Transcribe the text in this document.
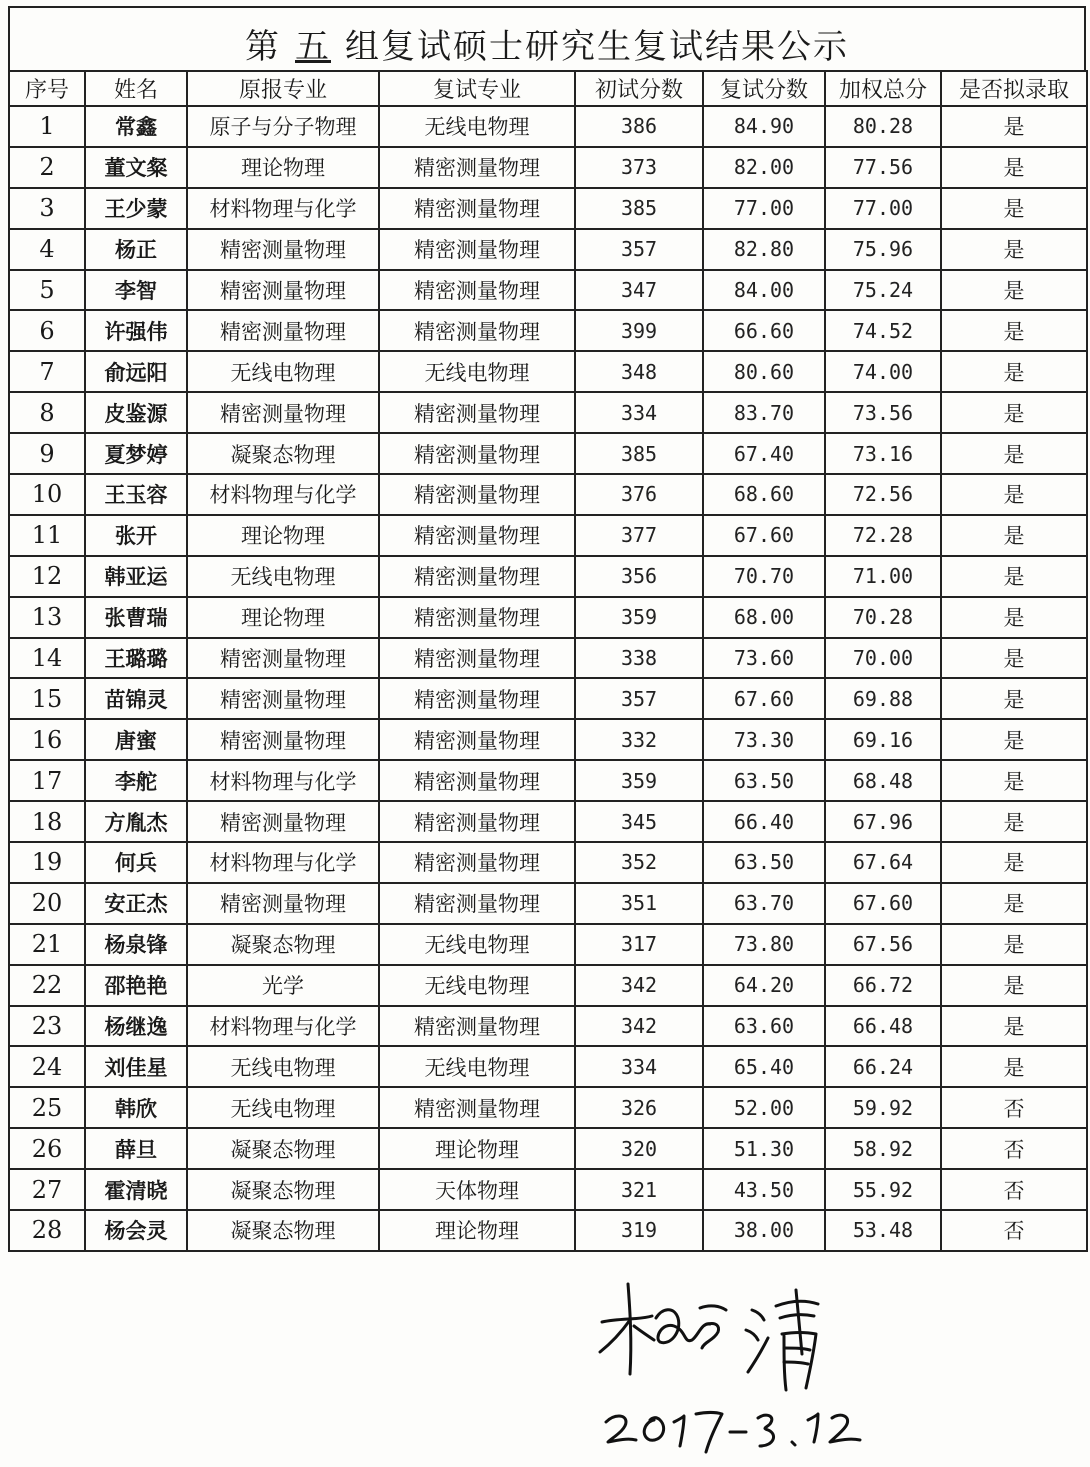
第 五 组复试硕士研究生复试结果公示
序号	姓名	原报专业	复试专业	初试分数	复试分数	加权总分	是否拟录取
1	常鑫	原子与分子物理	无线电物理	386	84.90	80.28	是
2	董文粲	理论物理	精密测量物理	373	82.00	77.56	是
3	王少蒙	材料物理与化学	精密测量物理	385	77.00	77.00	是
4	杨正	精密测量物理	精密测量物理	357	82.80	75.96	是
5	李智	精密测量物理	精密测量物理	347	84.00	75.24	是
6	许强伟	精密测量物理	精密测量物理	399	66.60	74.52	是
7	俞远阳	无线电物理	无线电物理	348	80.60	74.00	是
8	皮鉴源	精密测量物理	精密测量物理	334	83.70	73.56	是
9	夏梦婷	凝聚态物理	精密测量物理	385	67.40	73.16	是
10	王玉容	材料物理与化学	精密测量物理	376	68.60	72.56	是
11	张开	理论物理	精密测量物理	377	67.60	72.28	是
12	韩亚运	无线电物理	精密测量物理	356	70.70	71.00	是
13	张曹瑞	理论物理	精密测量物理	359	68.00	70.28	是
14	王璐璐	精密测量物理	精密测量物理	338	73.60	70.00	是
15	苗锦灵	精密测量物理	精密测量物理	357	67.60	69.88	是
16	唐蜜	精密测量物理	精密测量物理	332	73.30	69.16	是
17	李舵	材料物理与化学	精密测量物理	359	63.50	68.48	是
18	方胤杰	精密测量物理	精密测量物理	345	66.40	67.96	是
19	何兵	材料物理与化学	精密测量物理	352	63.50	67.64	是
20	安正杰	精密测量物理	精密测量物理	351	63.70	67.60	是
21	杨泉锋	凝聚态物理	无线电物理	317	73.80	67.56	是
22	邵艳艳	光学	无线电物理	342	64.20	66.72	是
23	杨继逸	材料物理与化学	精密测量物理	342	63.60	66.48	是
24	刘佳星	无线电物理	无线电物理	334	65.40	66.24	是
25	韩欣	无线电物理	精密测量物理	326	52.00	59.92	否
26	薛旦	凝聚态物理	理论物理	320	51.30	58.92	否
27	霍清晓	凝聚态物理	天体物理	321	43.50	55.92	否
28	杨会灵	凝聚态物理	理论物理	319	38.00	53.48	否
